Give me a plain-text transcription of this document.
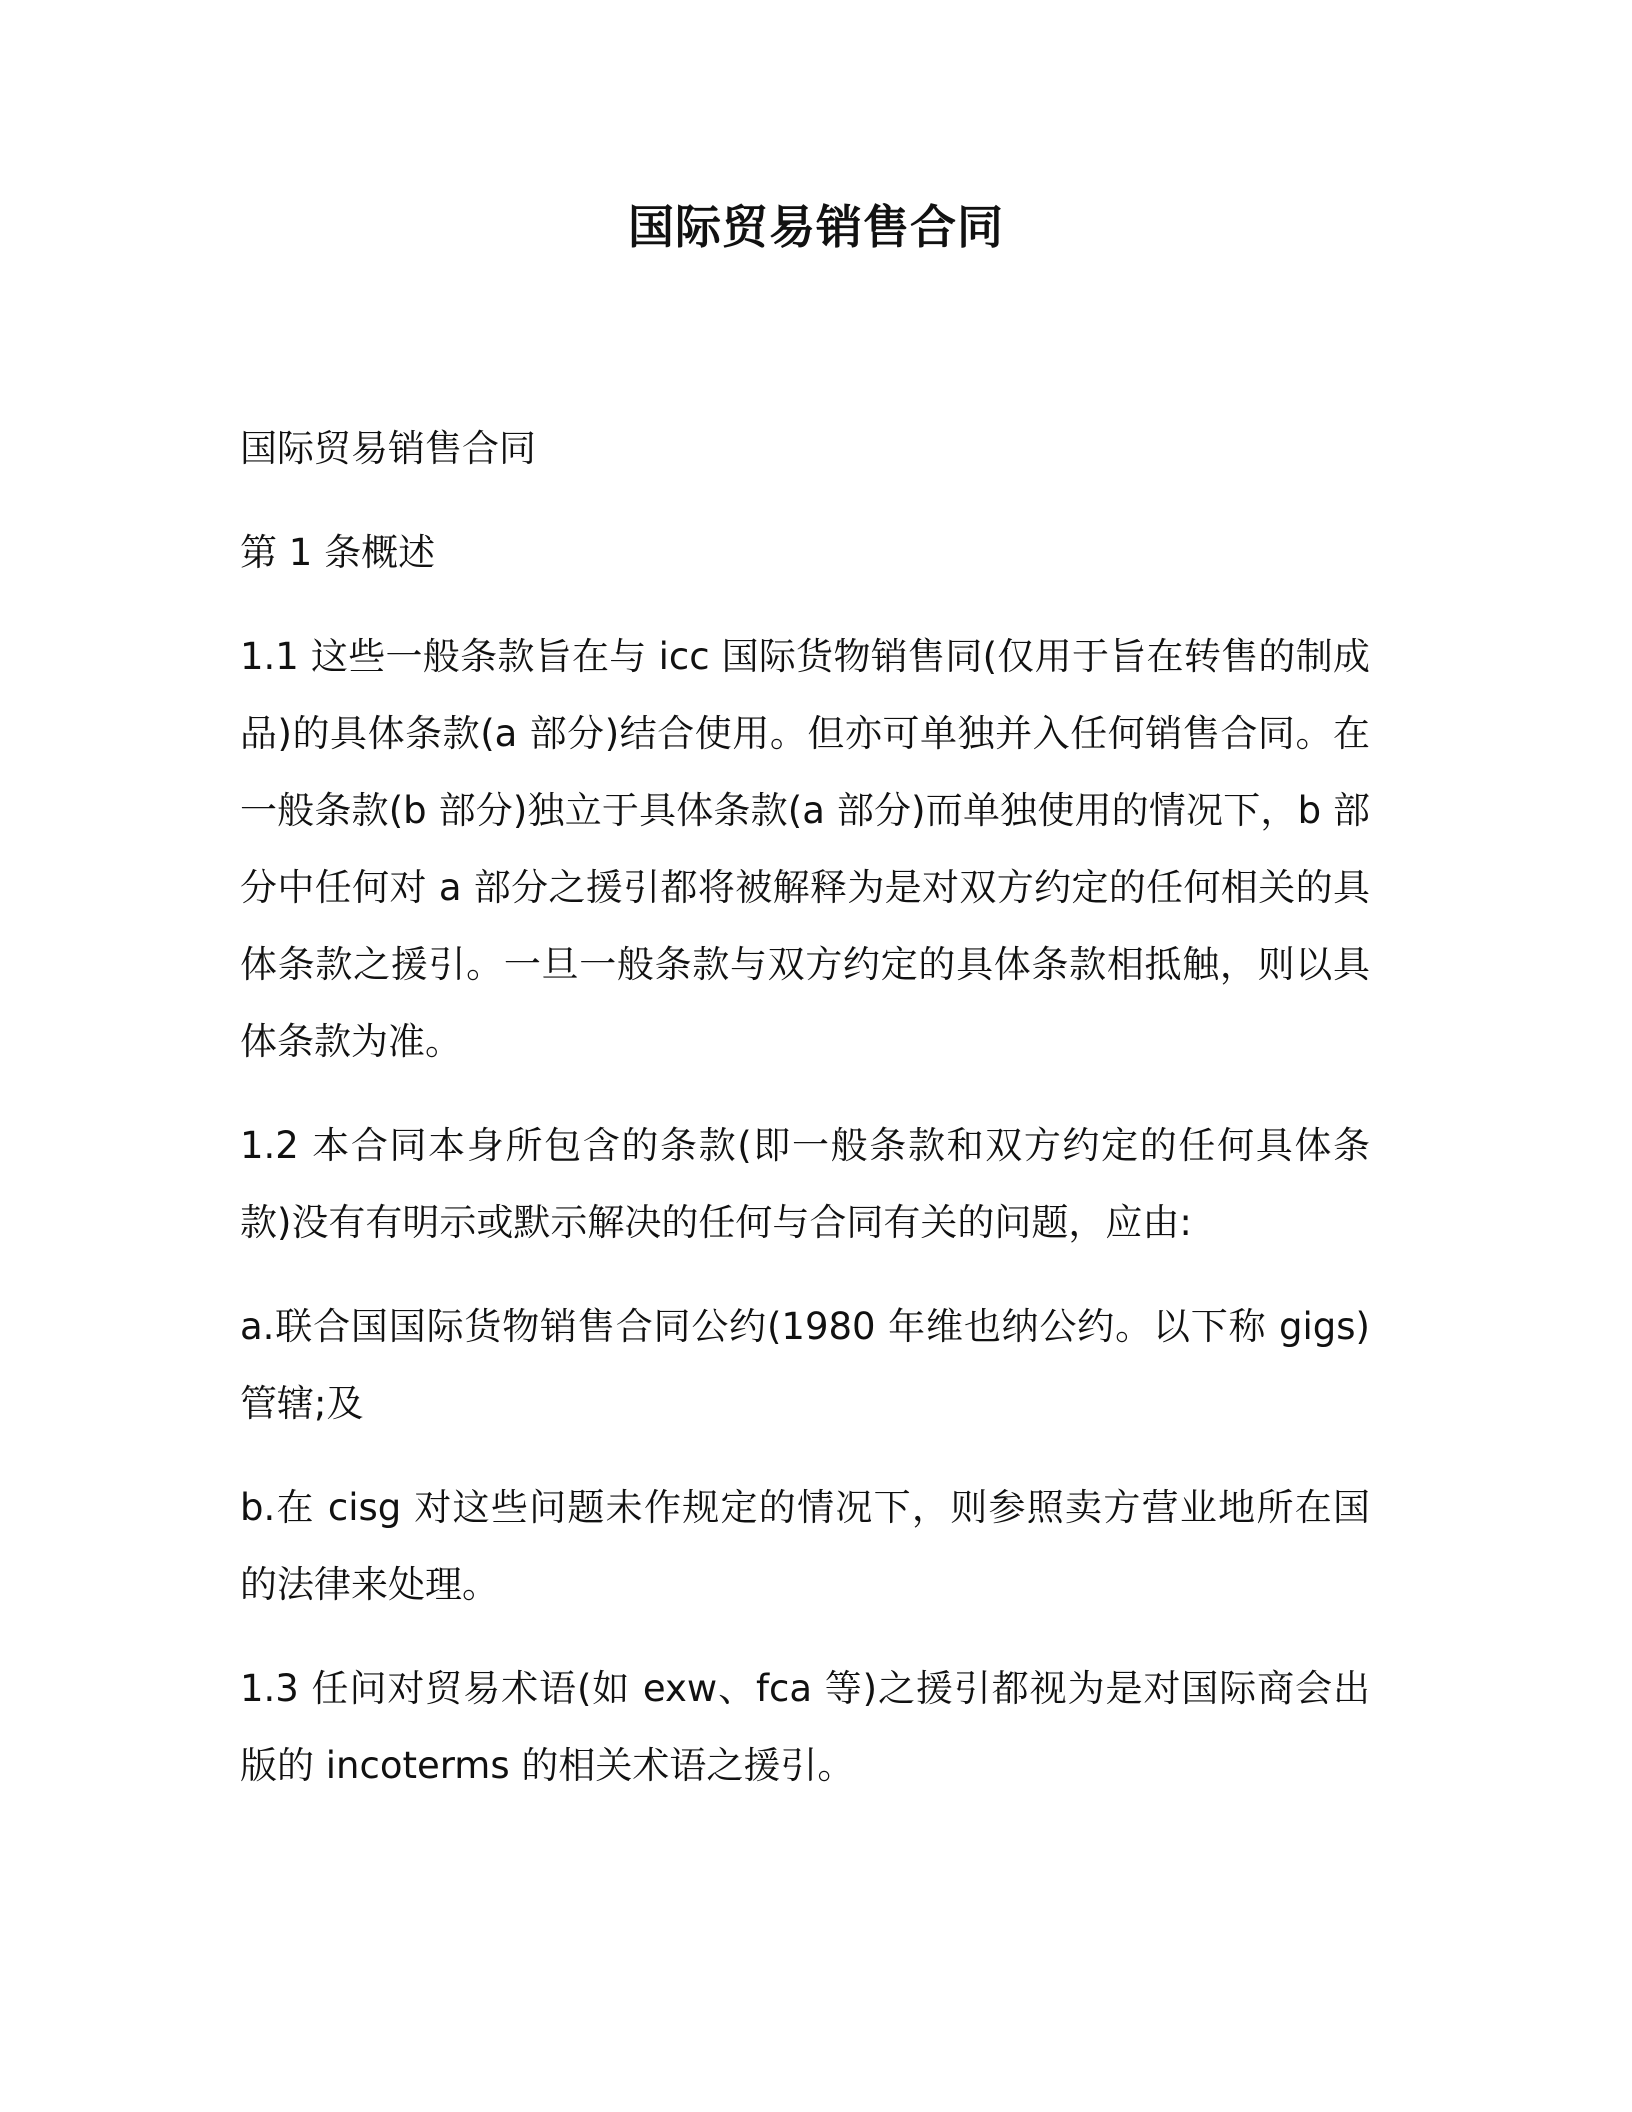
国际贸易销售合同

国际贸易销售合同

第 1 条概述

1.1 这些一般条款旨在与 icc 国际货物销售同(仅用于旨在转售的制成品)的具体条款(a 部分)结合使用。但亦可单独并入任何销售合同。在一般条款(b 部分)独立于具体条款(a 部分)而单独使用的情况下，b 部分中任何对 a 部分之援引都将被解释为是对双方约定的任何相关的具体条款之援引。一旦一般条款与双方约定的具体条款相抵触，则以具体条款为准。

1.2 本合同本身所包含的条款(即一般条款和双方约定的任何具体条款)没有有明示或默示解决的任何与合同有关的问题，应由:

a.联合国国际货物销售合同公约(1980 年维也纳公约。以下称 gigs)管辖;及

b.在 cisg 对这些问题未作规定的情况下，则参照卖方营业地所在国的法律来处理。

1.3 任问对贸易术语(如 exw、fca 等)之援引都视为是对国际商会出版的 incoterms 的相关术语之援引。
